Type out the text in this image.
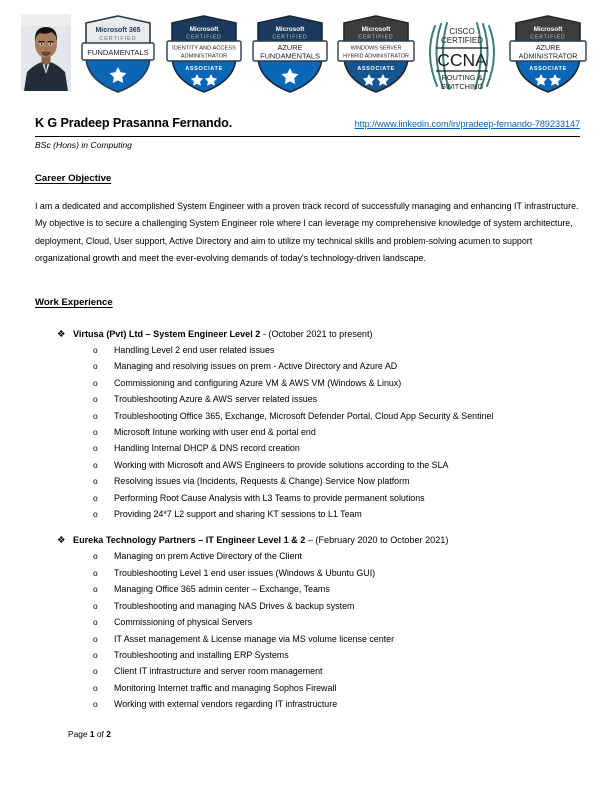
Microsoft 365
CERTIFIED
FUNDAMENTALS
Microsoft
CERTIFIED
IDENTITY AND ACCESS
ADMINISTRATOR
ASSOCIATE
Microsoft
CERTIFIED
AZURE
FUNDAMENTALS
Microsoft
CERTIFIED
WINDOWS SERVER
HYBRID ADMINISTRATOR
ASSOCIATE
CISCO
CERTIFIED
CCNA
ROUTING &
SWITCHING
Microsoft
CERTIFIED
AZURE
ADMINISTRATOR
ASSOCIATE
K G Pradeep Prasanna Fernando.	http://www.linkedin.com/in/pradeep-fernando-789233147
BSc (Hons) in Computing
Career Objective
I am a dedicated and accomplished System Engineer with a proven track record of successfully managing and enhancing IT infrastructure. My objective is to secure a challenging System Engineer role where I can leverage my comprehensive knowledge of system architecture, deployment, Cloud, User support, Active Directory and aim to utilize my technical skills and problem-solving acumen to support organizational growth and meet the ever-evolving demands of today's technology-driven landscape.
Work Experience
❖ Virtusa (Pvt) Ltd – System Engineer Level 2 - (October 2021 to present)
o	Handling Level 2 end user related issues
o	Managing and resolving issues on prem - Active Directory and Azure AD
o	Commissioning and configuring Azure VM & AWS VM (Windows & Linux)
o	Troubleshooting Azure & AWS server related issues
o	Troubleshooting Office 365, Exchange, Microsoft Defender Portal, Cloud App Security & Sentinel
o	Microsoft Intune working with user end & portal end
o	Handling Internal DHCP & DNS record creation
o	Working with Microsoft and AWS Engineers to provide solutions according to the SLA
o	Resolving issues via (Incidents, Requests & Change) Service Now platform
o	Performing Root Cause Analysis with L3 Teams to provide permanent solutions
o	Providing 24*7 L2 support and sharing KT sessions to L1 Team
❖ Eureka Technology Partners – IT Engineer Level 1 & 2 – (February 2020 to October 2021)
o	Managing on prem Active Directory of the Client
o	Troubleshooting Level 1 end user issues (Windows & Ubuntu GUI)
o	Managing Office 365 admin center – Exchange, Teams
o	Troubleshooting and managing NAS Drives & backup system
o	Commissioning of physical Servers
o	IT Asset management & License manage via MS volume license center
o	Troubleshooting and installing ERP Systems
o	Client IT infrastructure and server room management
o	Monitoring Internet traffic and managing Sophos Firewall
o	Working with external vendors regarding IT infrastructure
Page 1 of 2
